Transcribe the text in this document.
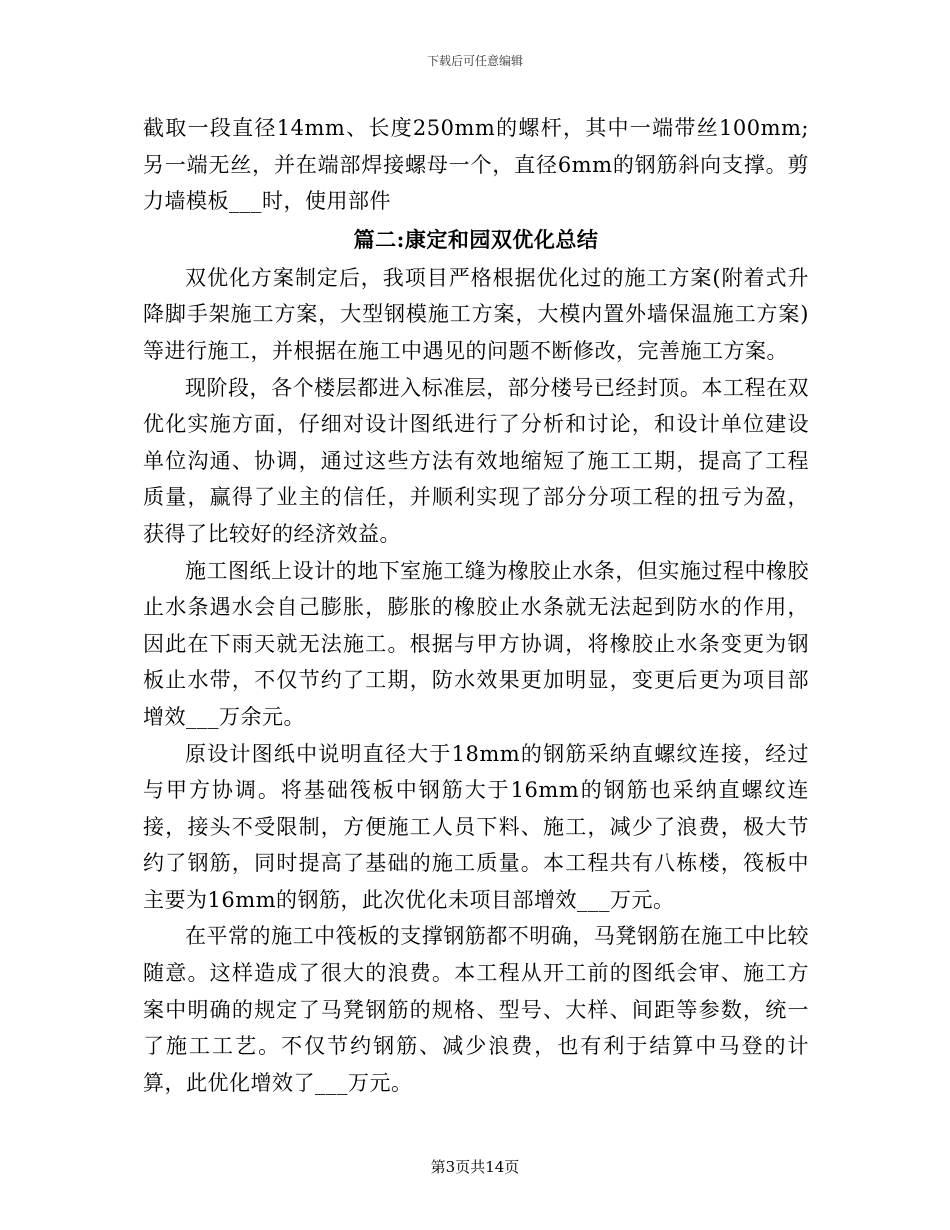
下载后可任意编辑

截取一段直径14mm、长度250mm的螺杆，其中一端带丝100mm;另一端无丝，并在端部焊接螺母一个，直径6mm的钢筋斜向支撑。剪力墙模板___时，使用部件

篇二:康定和园双优化总结

双优化方案制定后，我项目严格根据优化过的施工方案(附着式升降脚手架施工方案，大型钢模施工方案，大模内置外墙保温施工方案)等进行施工，并根据在施工中遇见的问题不断修改，完善施工方案。

现阶段，各个楼层都进入标准层，部分楼号已经封顶。本工程在双优化实施方面，仔细对设计图纸进行了分析和讨论，和设计单位建设单位沟通、协调，通过这些方法有效地缩短了施工工期，提高了工程质量，赢得了业主的信任，并顺利实现了部分分项工程的扭亏为盈，获得了比较好的经济效益。

施工图纸上设计的地下室施工缝为橡胶止水条，但实施过程中橡胶止水条遇水会自己膨胀，膨胀的橡胶止水条就无法起到防水的作用，因此在下雨天就无法施工。根据与甲方协调，将橡胶止水条变更为钢板止水带，不仅节约了工期，防水效果更加明显，变更后更为项目部增效___万余元。

原设计图纸中说明直径大于18mm的钢筋采纳直螺纹连接，经过与甲方协调。将基础筏板中钢筋大于16mm的钢筋也采纳直螺纹连接，接头不受限制，方便施工人员下料、施工，减少了浪费，极大节约了钢筋，同时提高了基础的施工质量。本工程共有八栋楼，筏板中主要为16mm的钢筋，此次优化未项目部增效___万元。

在平常的施工中筏板的支撑钢筋都不明确，马凳钢筋在施工中比较随意。这样造成了很大的浪费。本工程从开工前的图纸会审、施工方案中明确的规定了马凳钢筋的规格、型号、大样、间距等参数，统一了施工工艺。不仅节约钢筋、减少浪费，也有利于结算中马登的计算，此优化增效了___万元。

第3页共14页
